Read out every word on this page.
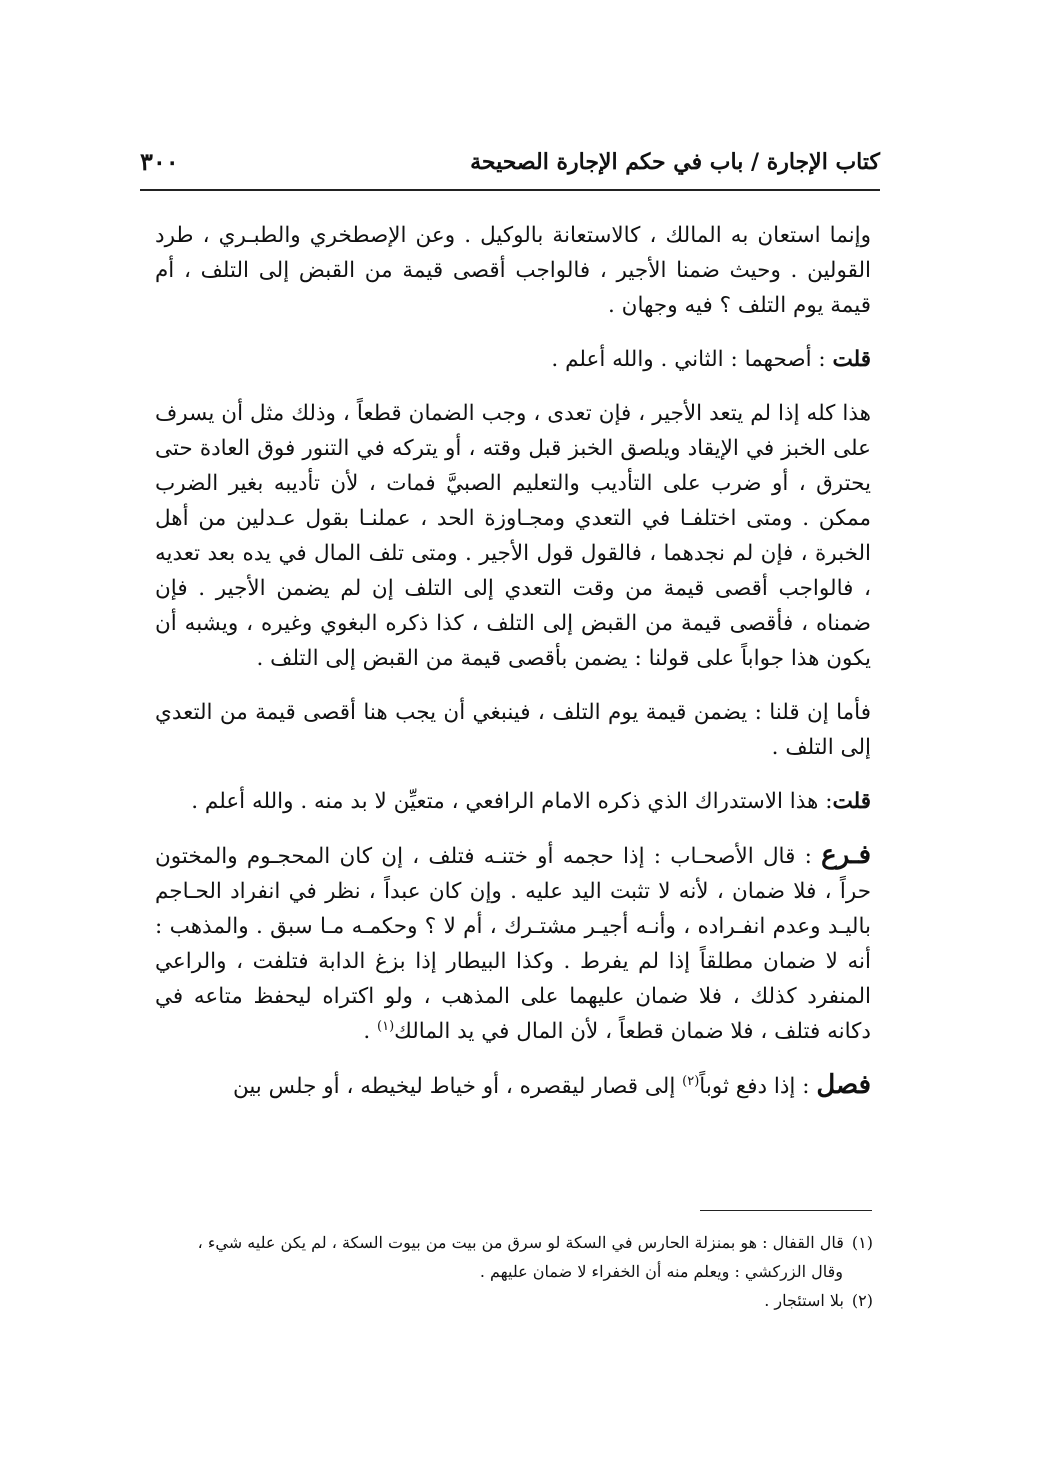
كتاب الإجارة / باب في حكم الإجارة الصحيحة
٣٠٠

وإنما استعان به المالك ، كالاستعانة بالوكيل . وعن الإصطخري والطبـري ، طرد القولين . وحيث ضمنا الأجير ، فالواجب أقصى قيمة من القبض إلى التلف ، أم قيمة يوم التلف ؟ فيه وجهان .

قلت : أصحهما : الثاني . والله أعلم .

هذا كله إذا لم يتعد الأجير ، فإن تعدى ، وجب الضمان قطعاً ، وذلك مثل أن يسرف على الخبز في الإيقاد ويلصق الخبز قبل وقته ، أو يتركه في التنور فوق العادة حتى يحترق ، أو ضرب على التأديب والتعليم الصبيَّ فمات ، لأن تأديبه بغير الضرب ممكن . ومتى اختلفـا في التعدي ومجـاوزة الحد ، عملنـا بقول عـدلين من أهل الخبرة ، فإن لم نجدهما ، فالقول قول الأجير . ومتى تلف المال في يده بعد تعديه ، فالواجب أقصى قيمة من وقت التعدي إلى التلف إن لم يضمن الأجير . فإن ضمناه ، فأقصى قيمة من القبض إلى التلف ، كذا ذكره البغوي وغيره ، ويشبه أن يكون هذا جواباً على قولنا : يضمن بأقصى قيمة من القبض إلى التلف .

فأما إن قلنا : يضمن قيمة يوم التلف ، فينبغي أن يجب هنا أقصى قيمة من التعدي إلى التلف .

قلت: هذا الاستدراك الذي ذكره الامام الرافعي ، متعيِّن لا بد منه . والله أعلم .

فـرع : قال الأصحـاب : إذا حجمه أو ختنـه فتلف ، إن كان المحجـوم والمختون حراً ، فلا ضمان ، لأنه لا تثبت اليد عليه . وإن كان عبداً ، نظر في انفراد الحـاجم باليـد وعدم انفـراده ، وأنـه أجيـر مشتـرك ، أم لا ؟ وحكمـه مـا سبق . والمذهب : أنه لا ضمان مطلقاً إذا لم يفرط . وكذا البيطار إذا بزغ الدابة فتلفت ، والراعي المنفرد كذلك ، فلا ضمان عليهما على المذهب ، ولو اكتراه ليحفظ متاعه في دكانه فتلف ، فلا ضمان قطعاً ، لأن المال في يد المالك$^{(١)}$ .

فصل : إذا دفع ثوباً$^{(٢)}$ إلى قصار ليقصره ، أو خياط ليخيطه ، أو جلس بين

(١)قال القفال : هو بمنزلة الحارس في السكة لو سرق من بيت من بيوت السكة ، لم يكن عليه شيء ،

وقال الزركشي : ويعلم منه أن الخفراء لا ضمان عليهم .

(٢)بلا استئجار .
